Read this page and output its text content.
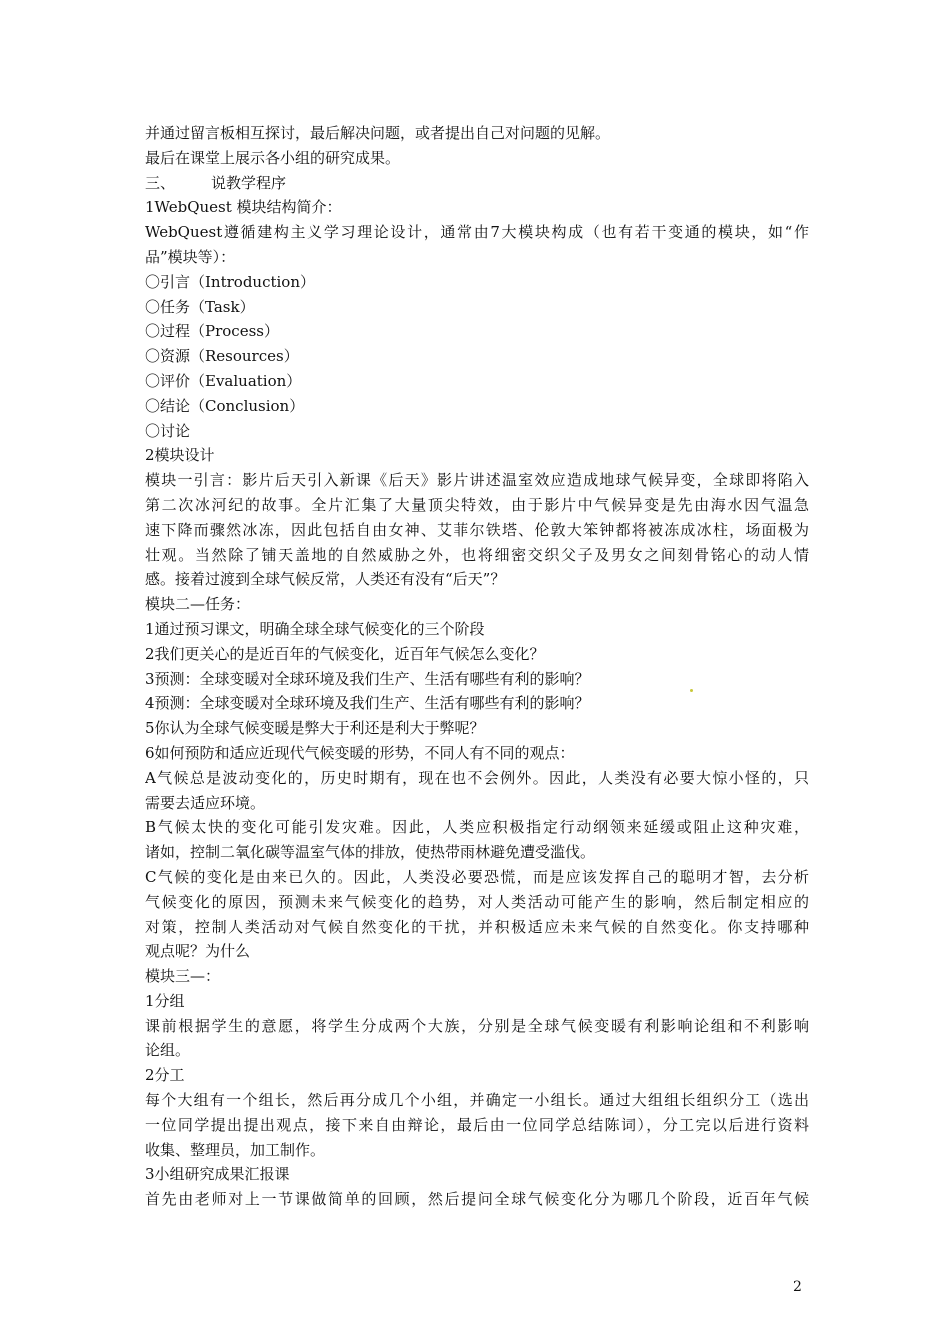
并通过留言板相互探讨，最后解决问题，或者提出自己对问题的见解。
最后在课堂上展示各小组的研究成果。
三、 说教学程序
1WebQuest 模块结构简介：
WebQuest遵循建构主义学习理论设计，通常由7大模块构成（也有若干变通的模块，如“作
品”模块等）：
〇引言（Introduction）
〇任务（Task）
〇过程（Process）
〇资源（Resources）
〇评价（Evaluation）
〇结论（Conclusion）
〇讨论
2模块设计
模块一引言：影片后天引入新课《后天》影片讲述温室效应造成地球气候异变，全球即将陷入
第二次冰河纪的故事。全片汇集了大量顶尖特效，由于影片中气候异变是先由海水因气温急
速下降而骤然冰冻，因此包括自由女神、艾菲尔铁塔、伦敦大笨钟都将被冻成冰柱，场面极为
壮观。当然除了铺天盖地的自然威胁之外，也将细密交织父子及男女之间刻骨铭心的动人情
感。接着过渡到全球气候反常，人类还有没有“后天”？
模块二—任务：
1通过预习课文，明确全球全球气候变化的三个阶段
2我们更关心的是近百年的气候变化，近百年气候怎么变化？
3预测：全球变暖对全球环境及我们生产、生活有哪些有利的影响？
4预测：全球变暖对全球环境及我们生产、生活有哪些有利的影响？
5你认为全球气候变暖是弊大于利还是利大于弊呢？
6如何预防和适应近现代气候变暖的形势，不同人有不同的观点：
A气候总是波动变化的，历史时期有，现在也不会例外。因此，人类没有必要大惊小怪的，只
需要去适应环境。
B气候太快的变化可能引发灾难。因此，人类应积极指定行动纲领来延缓或阻止这种灾难，
诸如，控制二氧化碳等温室气体的排放，使热带雨林避免遭受滥伐。
C气候的变化是由来已久的。因此，人类没必要恐慌，而是应该发挥自己的聪明才智，去分析
气候变化的原因，预测未来气候变化的趋势，对人类活动可能产生的影响，然后制定相应的
对策，控制人类活动对气候自然变化的干扰，并积极适应未来气候的自然变化。你支持哪种
观点呢？为什么
模块三—：
1分组
课前根据学生的意愿，将学生分成两个大族，分别是全球气候变暖有利影响论组和不利影响
论组。
2分工
每个大组有一个组长，然后再分成几个小组，并确定一小组长。通过大组组长组织分工（选出
一位同学提出提出观点，接下来自由辩论，最后由一位同学总结陈词），分工完以后进行资料
收集、整理员，加工制作。
3小组研究成果汇报课
首先由老师对上一节课做简单的回顾，然后提问全球气候变化分为哪几个阶段，近百年气候
2
